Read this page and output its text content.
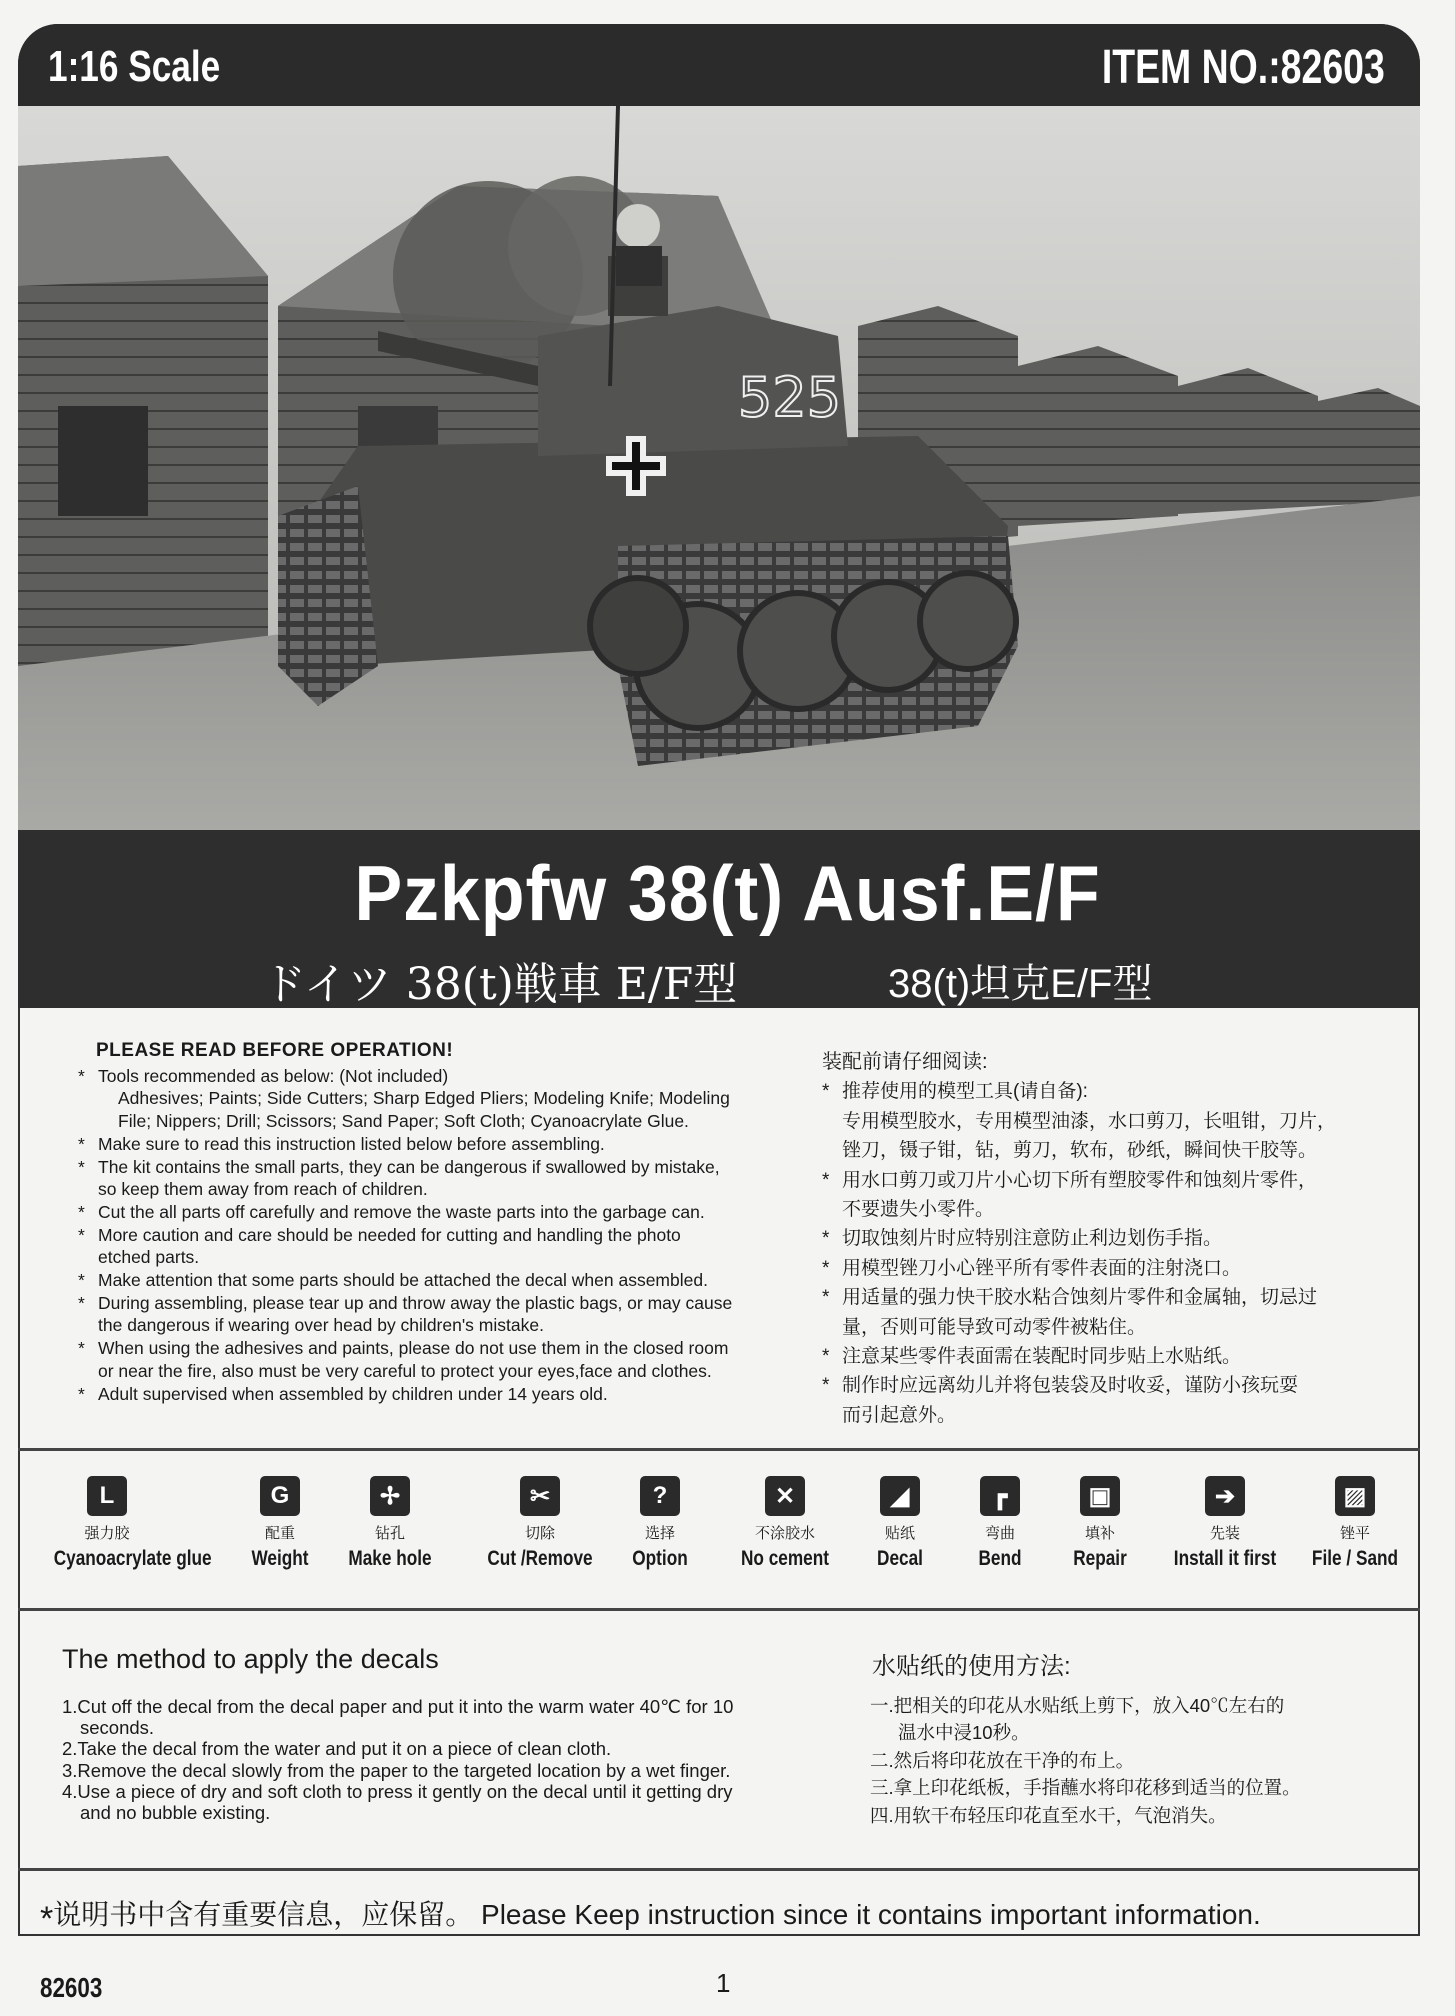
1:16 Scale	ITEM NO.:82603
525
Pzkpfw 38(t) Ausf.E/F
ドイツ 38(t)戦車 E/F型	38(t)坦克E/F型
PLEASE READ BEFORE OPERATION!
* Tools recommended as below: (Not included)
Adhesives; Paints; Side Cutters; Sharp Edged Pliers; Modeling Knife; Modeling
File; Nippers; Drill; Scissors; Sand Paper; Soft Cloth; Cyanoacrylate Glue.
* Make sure to read this instruction listed below before assembling.
* The kit contains the small parts, they can be dangerous if swallowed by mistake,
so keep them away from reach of children.
* Cut the all parts off carefully and remove the waste parts into the garbage can.
* More caution and care should be needed for cutting and handling the photo
etched parts.
* Make attention that some parts should be attached the decal when assembled.
* During assembling, please tear up and throw away the plastic bags, or may cause
the dangerous if wearing over head by children's mistake.
* When using the adhesives and paints, please do not use them in the closed room
or near the fire, also must be very careful to protect your eyes,face and clothes.
* Adult supervised when assembled by children under 14 years old.
装配前请仔细阅读:
* 推荐使用的模型工具(请自备):
专用模型胶水，专用模型油漆，水口剪刀，长咀钳，刀片，
锉刀，镊子钳，钻，剪刀，软布，砂纸，瞬间快干胶等。
* 用水口剪刀或刀片小心切下所有塑胶零件和蚀刻片零件，
不要遗失小零件。
* 切取蚀刻片时应特别注意防止利边划伤手指。
* 用模型锉刀小心锉平所有零件表面的注射浇口。
* 用适量的强力快干胶水粘合蚀刻片零件和金属轴，切忌过
量，否则可能导致可动零件被粘住。
* 注意某些零件表面需在装配时同步贴上水贴纸。
* 制作时应远离幼儿并将包装袋及时收妥，谨防小孩玩耍
而引起意外。
L
强力胶
Cyanoacrylate glue
G
配重
Weight
✢
钻孔
Make hole
✂
切除
Cut /Remove
?
选择
Option
✕
不涂胶水
No cement
◢
贴纸
Decal
┏
弯曲
Bend
▣
填补
Repair
➔
先装
Install it first
▨
锉平
File / Sand
The method to apply the decals
1.Cut off the decal from the decal paper and put it into the warm water 40℃ for 10
seconds.
2.Take the decal from the water and put it on a piece of clean cloth.
3.Remove the decal slowly from the paper to the targeted location by a wet finger.
4.Use a piece of dry and soft cloth to press it gently on the decal until it getting dry
and no bubble existing.
水贴纸的使用方法:
一.把相关的印花从水贴纸上剪下，放入40℃左右的
温水中浸10秒。
二.然后将印花放在干净的布上。
三.拿上印花纸板，手指蘸水将印花移到适当的位置。
四.用软干布轻压印花直至水干，气泡消失。
*说明书中含有重要信息，应保留。 Please Keep instruction since it contains important information.
82603	1
